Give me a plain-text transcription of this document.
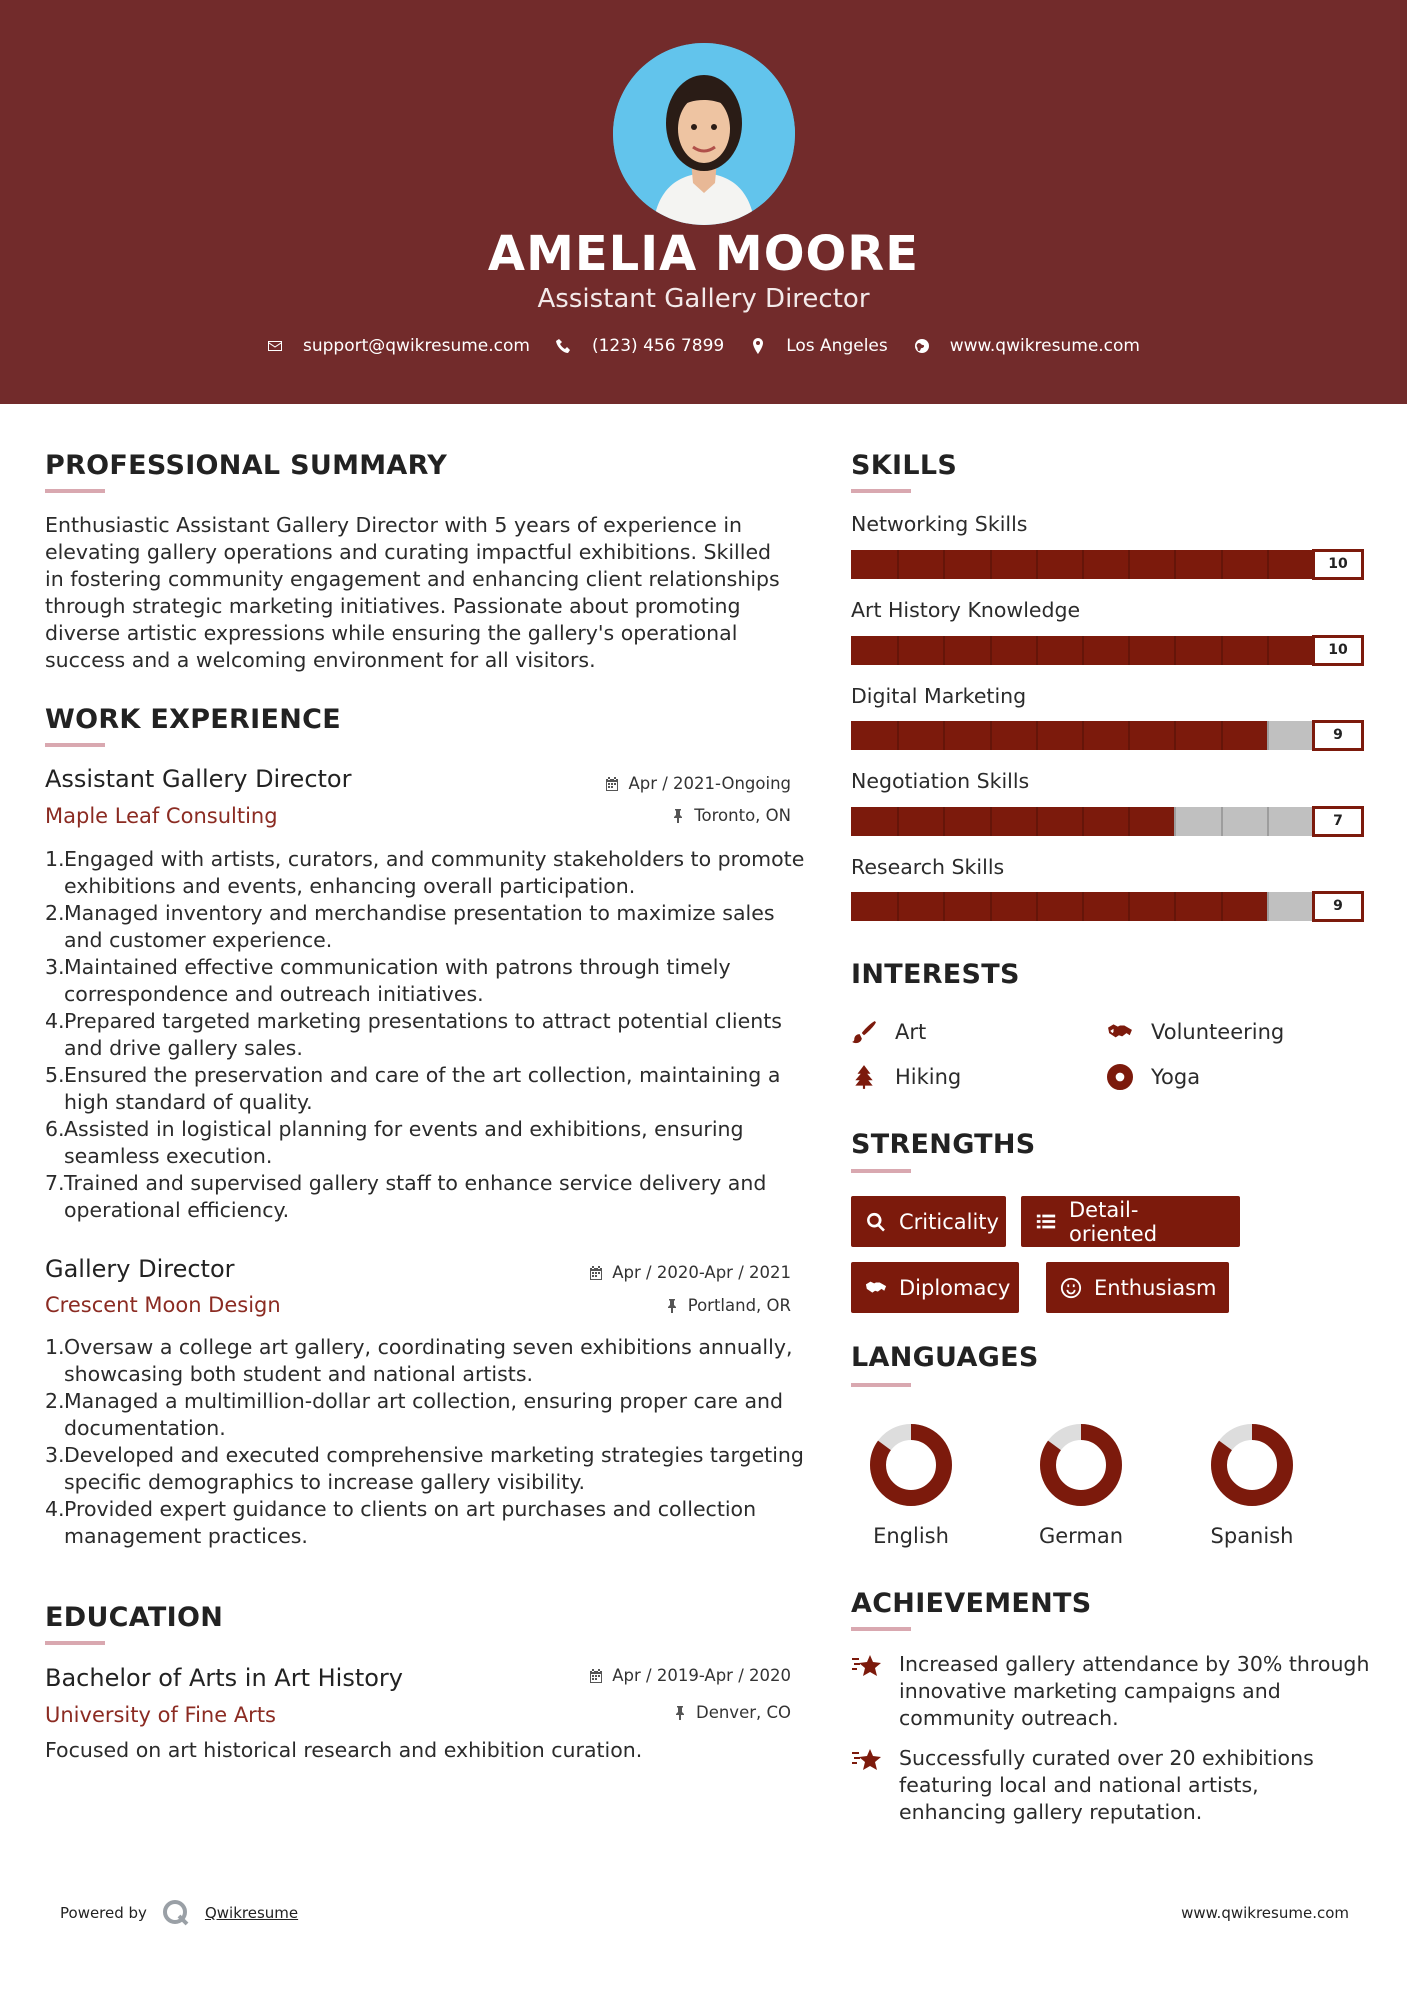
AMELIA MOORE
Assistant Gallery Director
support@qwikresume.com	(123) 456 7899	Los Angeles	www.qwikresume.com
PROFESSIONAL SUMMARY
Enthusiastic Assistant Gallery Director with 5 years of experience in elevating gallery operations and curating impactful exhibitions. Skilled in fostering community engagement and enhancing client relationships through strategic marketing initiatives. Passionate about promoting diverse artistic expressions while ensuring the gallery's operational success and a welcoming environment for all visitors.
WORK EXPERIENCE
Assistant Gallery Director
Maple Leaf Consulting
Apr / 2021-Ongoing
Toronto, ON
1. Engaged with artists, curators, and community stakeholders to promote exhibitions and events, enhancing overall participation.
2. Managed inventory and merchandise presentation to maximize sales and customer experience.
3. Maintained effective communication with patrons through timely correspondence and outreach initiatives.
4. Prepared targeted marketing presentations to attract potential clients and drive gallery sales.
5. Ensured the preservation and care of the art collection, maintaining a high standard of quality.
6. Assisted in logistical planning for events and exhibitions, ensuring seamless execution.
7. Trained and supervised gallery staff to enhance service delivery and operational efficiency.
Gallery Director
Crescent Moon Design
Apr / 2020-Apr / 2021
Portland, OR
1. Oversaw a college art gallery, coordinating seven exhibitions annually, showcasing both student and national artists.
2. Managed a multimillion-dollar art collection, ensuring proper care and documentation.
3. Developed and executed comprehensive marketing strategies targeting specific demographics to increase gallery visibility.
4. Provided expert guidance to clients on art purchases and collection management practices.
EDUCATION
Bachelor of Arts in Art History
University of Fine Arts
Apr / 2019-Apr / 2020
Denver, CO
Focused on art historical research and exhibition curation.
SKILLS
Networking Skills
10
Art History Knowledge
10
Digital Marketing
9
Negotiation Skills
7
Research Skills
9
INTERESTS
Art	Volunteering
Hiking	Yoga
STRENGTHS
Criticality	Detail-oriented
Diplomacy	Enthusiasm
LANGUAGES
English	German	Spanish
ACHIEVEMENTS
Increased gallery attendance by 30% through innovative marketing campaigns and community outreach.
Successfully curated over 20 exhibitions featuring local and national artists, enhancing gallery reputation.
Powered by	Qwikresume	www.qwikresume.com
